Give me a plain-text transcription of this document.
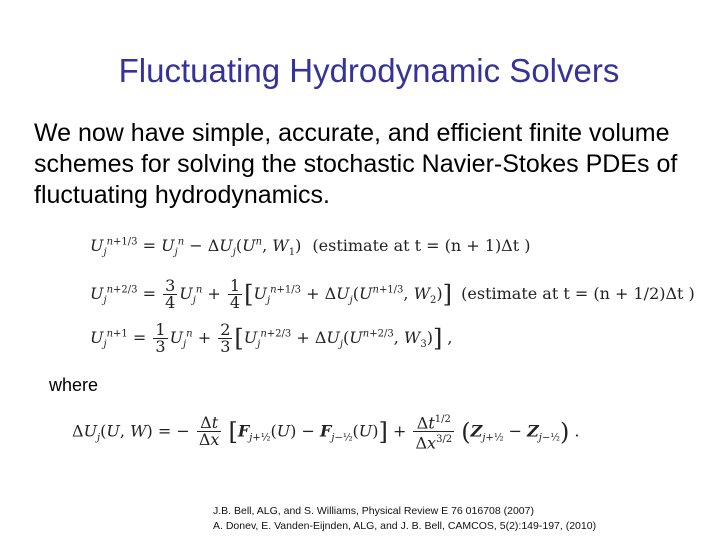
Fluctuating Hydrodynamic Solvers
We now have simple, accurate, and efficient finite volume schemes for solving the stochastic Navier-Stokes PDEs of fluctuating hydrodynamics.
$U_j^{n+1/3} = U_j^n - \Delta U_j(U^n$, $W_1$) (estimate at t = (n + 1)Δt )
$U_j^{n+2/3} = \frac{3}{4} U_j^n + \frac{1}{4} [U_j^{n+1/3} + \Delta U_j(U^{n+1/3}$, $W_2$)] (estimate at t = (n + 1/2)Δt )
$U_j^{n+1} = \frac{1}{3} U_j^n + \frac{2}{3} [U_j^{n+2/3} + \Delta U_j(U^{n+2/3}$, $W_3$)] ,
where
$\Delta U_j(U$, W) = − $\frac{\Delta t}{\Delta x} [F_{j+\frac{1}{2}}(U) - F_{j-\frac{1}{2}}(U)] + \frac{\Delta t^{1/2}}{\Delta x^{3/2}} (Z_{j+\frac{1}{2}} - Z_{j-\frac{1}{2}})$ .
J.B. Bell, ALG, and S. Williams, Physical Review E 76 016708 (2007)
A. Donev, E. Vanden-Eijnden, ALG, and J. B. Bell, CAMCOS, 5(2):149-197, (2010)
